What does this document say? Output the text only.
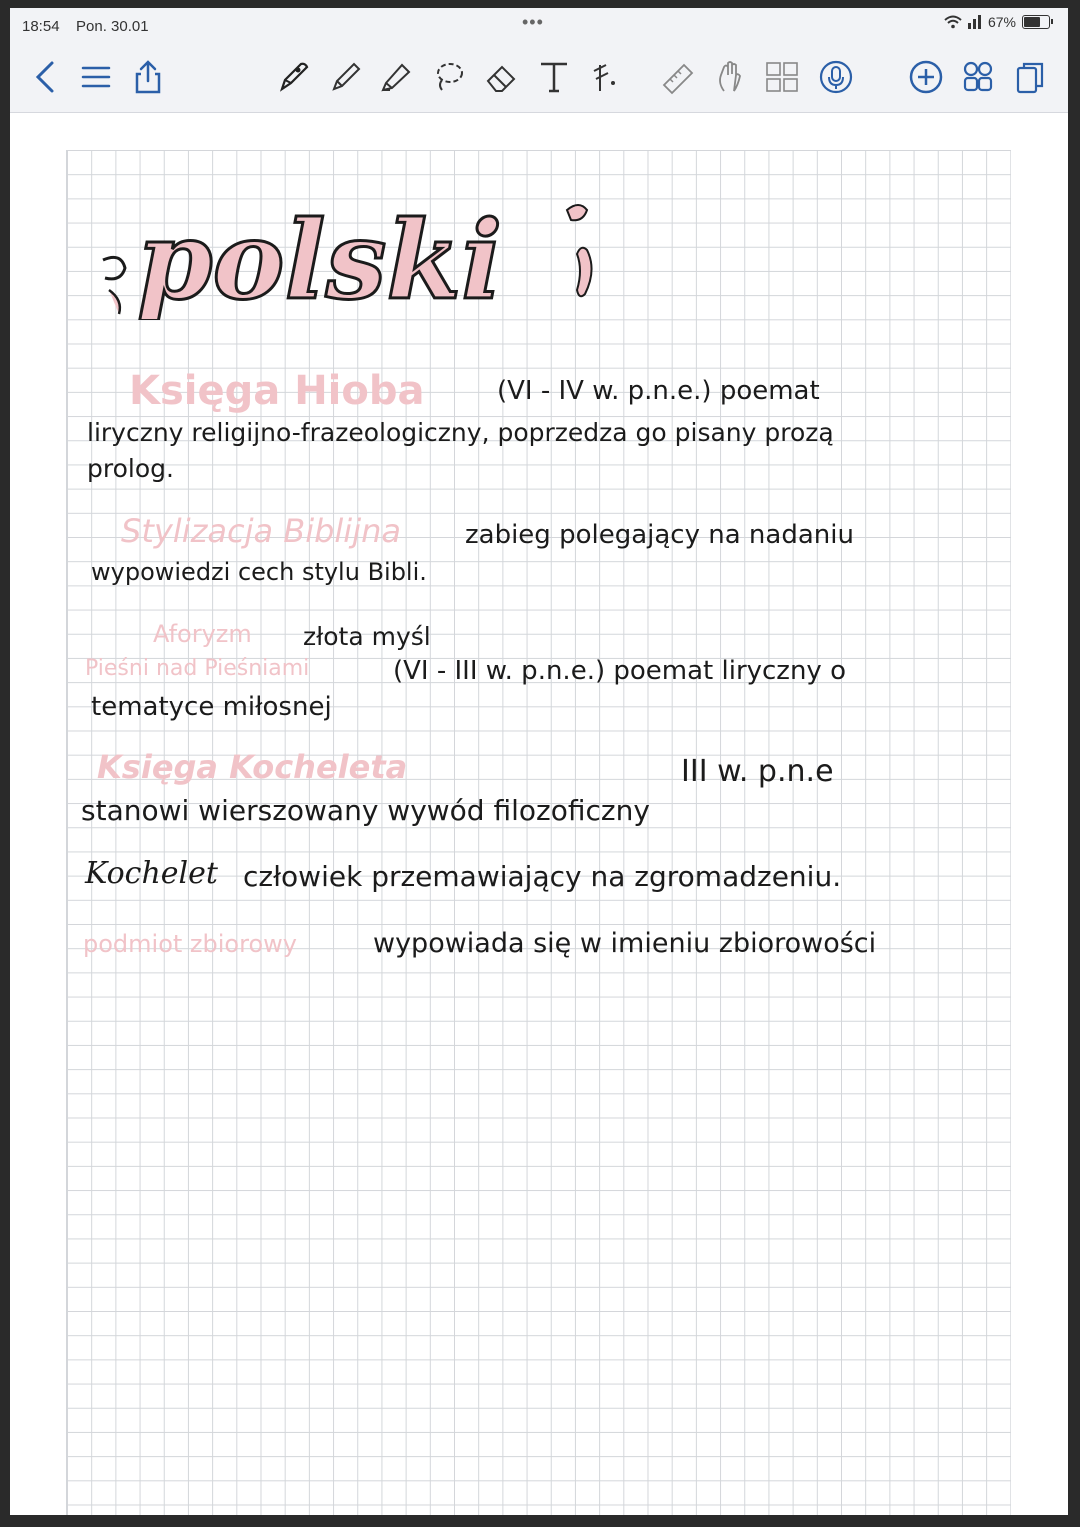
18:54 Pon. 30.01	•••	67%
polski
Księga Hioba	(VI - IV w. p.n.e.) poemat
liryczny religijno-frazeologiczny, poprzedza go pisany prozą
prolog.
Stylizacja Biblijna zabieg polegający na nadaniu
wypowiedzi cech stylu Bibli.
Aforyzm złota myśl
Pieśni nad Pieśniami	(VI - III w. p.n.e.) poemat liryczny o
tematyce miłosnej
Księga Kocheleta	III w. p.n.e
stanowi wierszowany wywód filozoficzny
Kochelet człowiek przemawiający na zgromadzeniu.
podmiot zbiorowy	wypowiada się w imieniu zbiorowości
